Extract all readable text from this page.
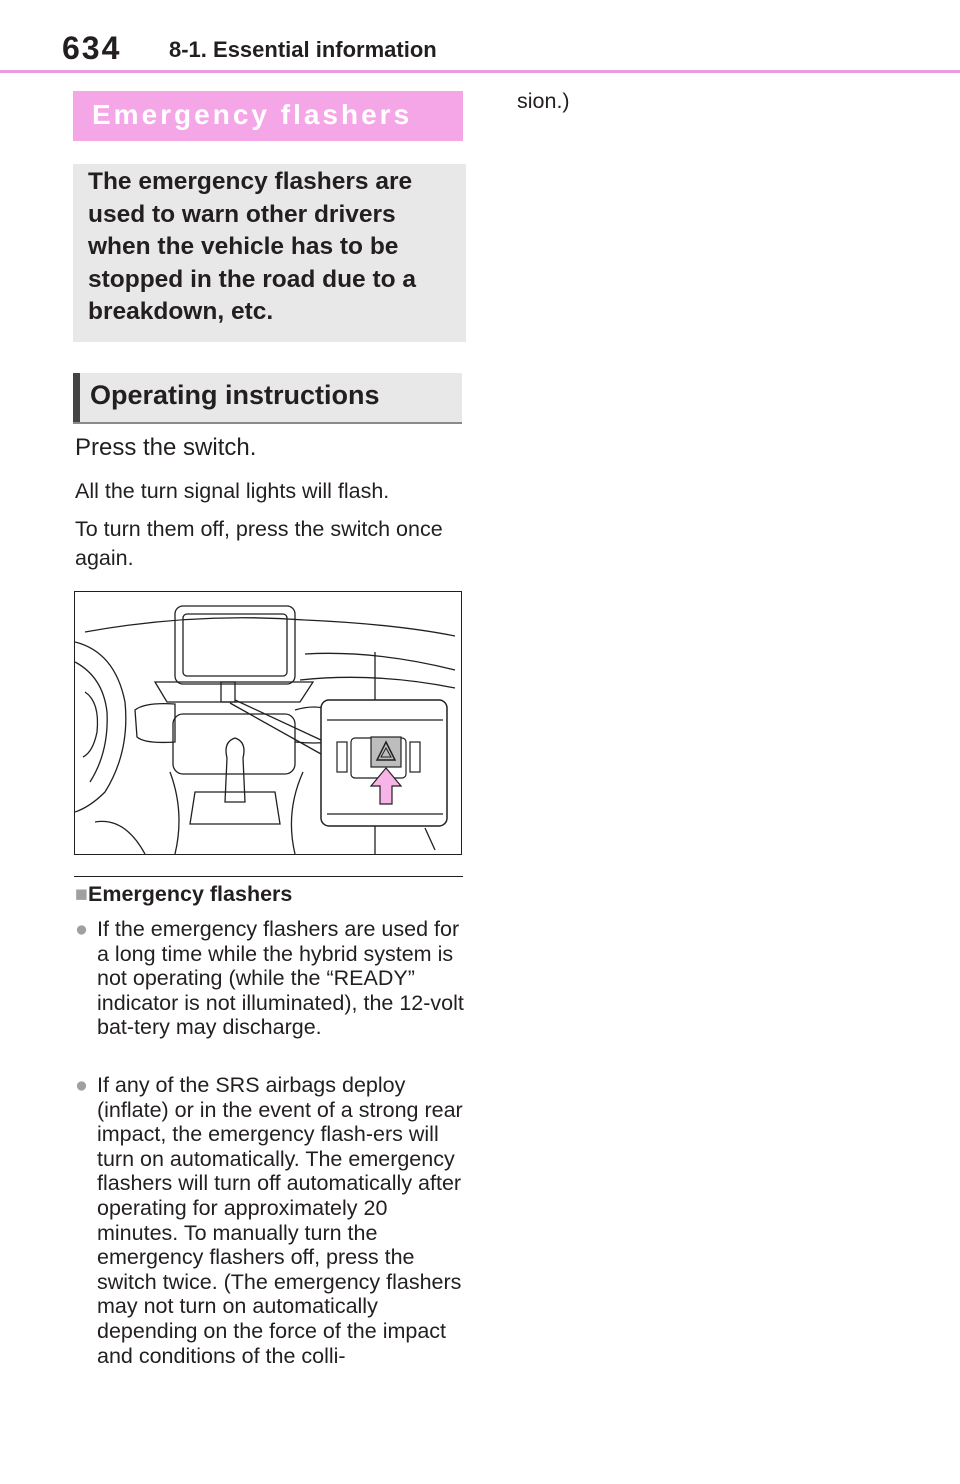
634 8-1. Essential information
Emergency flashers
The emergency flashers are used to warn other drivers when the vehicle has to be stopped in the road due to a breakdown, etc.
Operating instructions
Press the switch.
All the turn signal lights will flash.
To turn them off, press the switch once again.
■Emergency flashers
● If the emergency flashers are used for a long time while the hybrid system is not operating (while the “READY” indicator is not illuminated), the 12-volt bat-tery may discharge.
● If any of the SRS airbags deploy (inflate) or in the event of a strong rear impact, the emergency flash-ers will turn on automatically. The emergency flashers will turn off automatically after operating for approximately 20 minutes. To manually turn the emergency flashers off, press the switch twice. (The emergency flashers may not turn on automatically depending on the force of the impact and conditions of the colli-
sion.)
